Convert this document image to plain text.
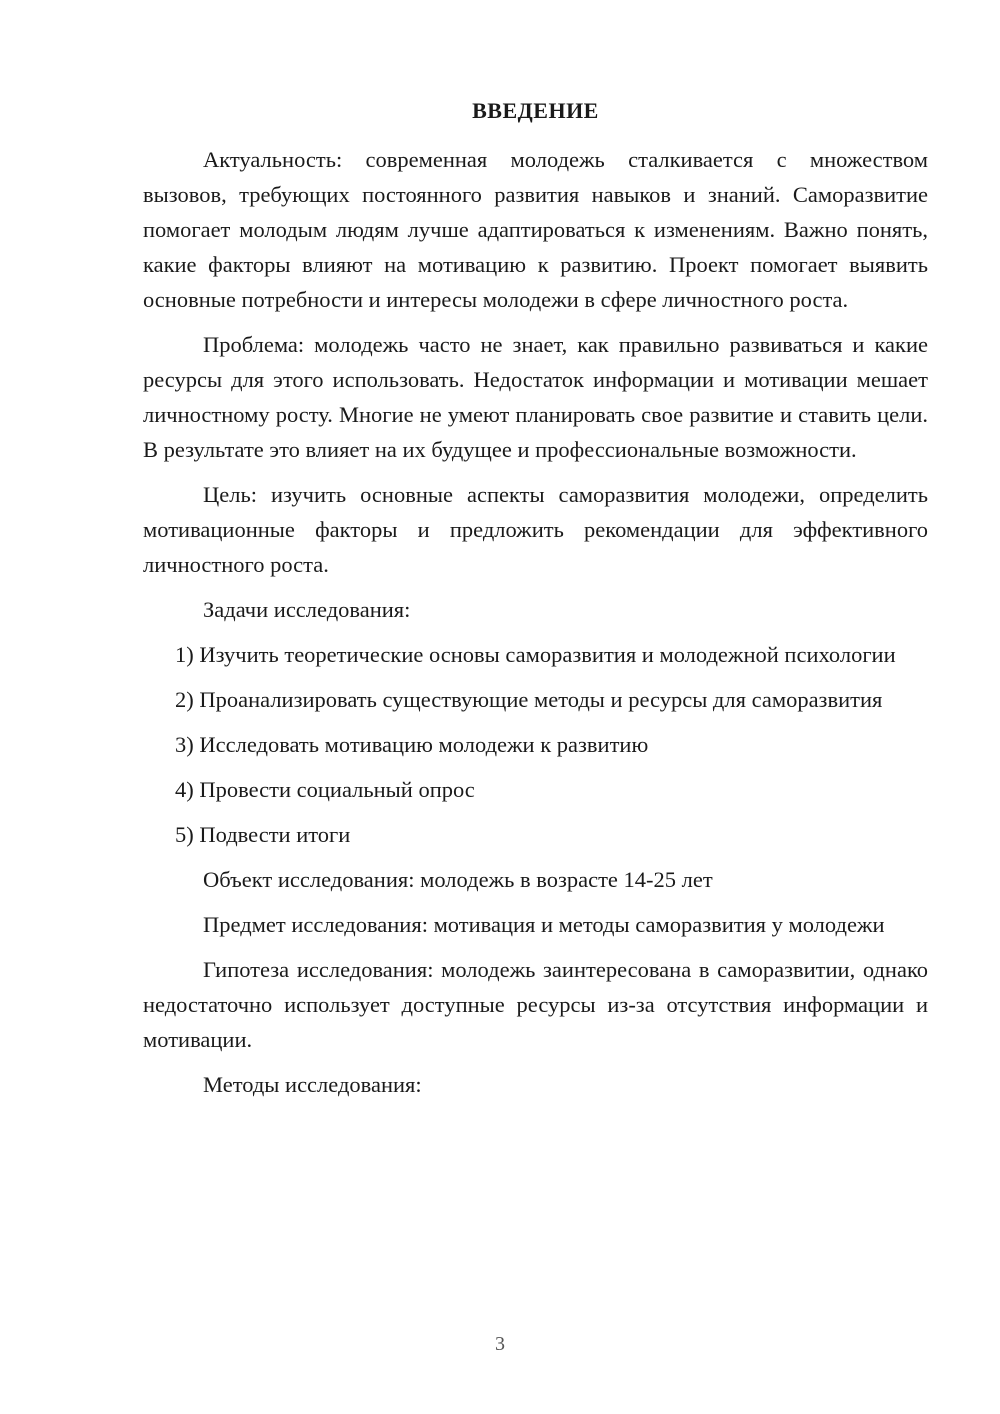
ВВЕДЕНИЕ

Актуальность: современная молодежь сталкивается с множеством вызовов, требующих постоянного развития навыков и знаний. Саморазвитие помогает молодым людям лучше адаптироваться к изменениям. Важно понять, какие факторы влияют на мотивацию к развитию. Проект помогает выявить основные потребности и интересы молодежи в сфере личностного роста.

Проблема: молодежь часто не знает, как правильно развиваться и какие ресурсы для этого использовать. Недостаток информации и мотивации мешает личностному росту. Многие не умеют планировать свое развитие и ставить цели. В результате это влияет на их будущее и профессиональные возможности.

Цель: изучить основные аспекты саморазвития молодежи, определить мотивационные факторы и предложить рекомендации для эффективного личностного роста.

Задачи исследования:

1) Изучить теоретические основы саморазвития и молодежной психологии

2) Проанализировать существующие методы и ресурсы для саморазвития

3) Исследовать мотивацию молодежи к развитию

4) Провести социальный опрос

5) Подвести итоги

Объект исследования: молодежь в возрасте 14-25 лет

Предмет исследования: мотивация и методы саморазвития у молодежи

Гипотеза исследования: молодежь заинтересована в саморазвитии, однако недостаточно использует доступные ресурсы из-за отсутствия информации и мотивации.

Методы исследования:

3
